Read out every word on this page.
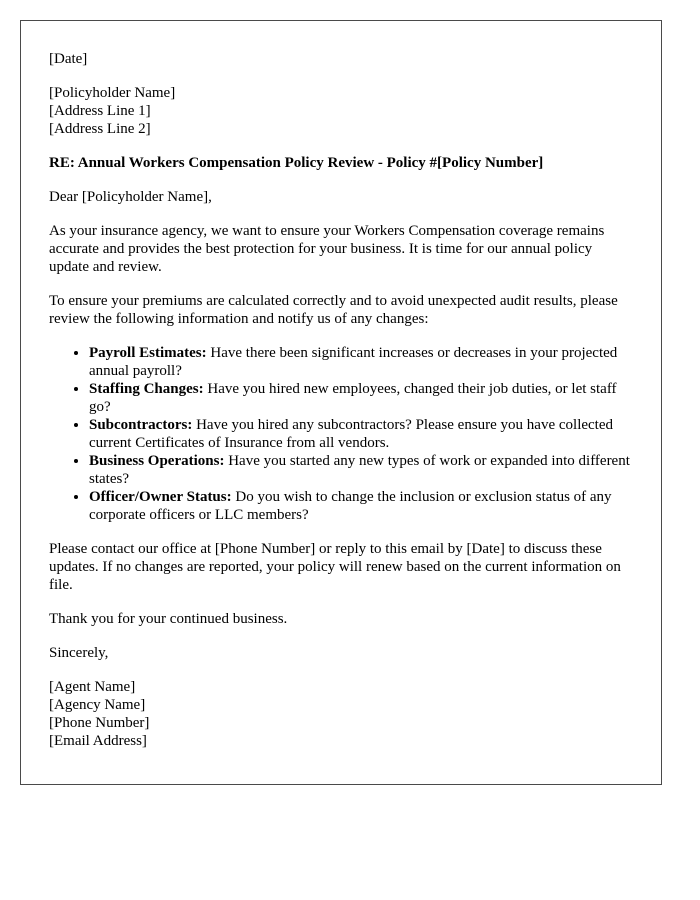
[Date]

[Policyholder Name]
[Address Line 1]
[Address Line 2]

RE: Annual Workers Compensation Policy Review - Policy #[Policy Number]

Dear [Policyholder Name],

As your insurance agency, we want to ensure your Workers Compensation coverage remains accurate and provides the best protection for your business. It is time for our annual policy update and review.

To ensure your premiums are calculated correctly and to avoid unexpected audit results, please review the following information and notify us of any changes:

• Payroll Estimates: Have there been significant increases or decreases in your projected annual payroll?
• Staffing Changes: Have you hired new employees, changed their job duties, or let staff go?
• Subcontractors: Have you hired any subcontractors? Please ensure you have collected current Certificates of Insurance from all vendors.
• Business Operations: Have you started any new types of work or expanded into different states?
• Officer/Owner Status: Do you wish to change the inclusion or exclusion status of any corporate officers or LLC members?

Please contact our office at [Phone Number] or reply to this email by [Date] to discuss these updates. If no changes are reported, your policy will renew based on the current information on file.

Thank you for your continued business.

Sincerely,

[Agent Name]
[Agency Name]
[Phone Number]
[Email Address]
